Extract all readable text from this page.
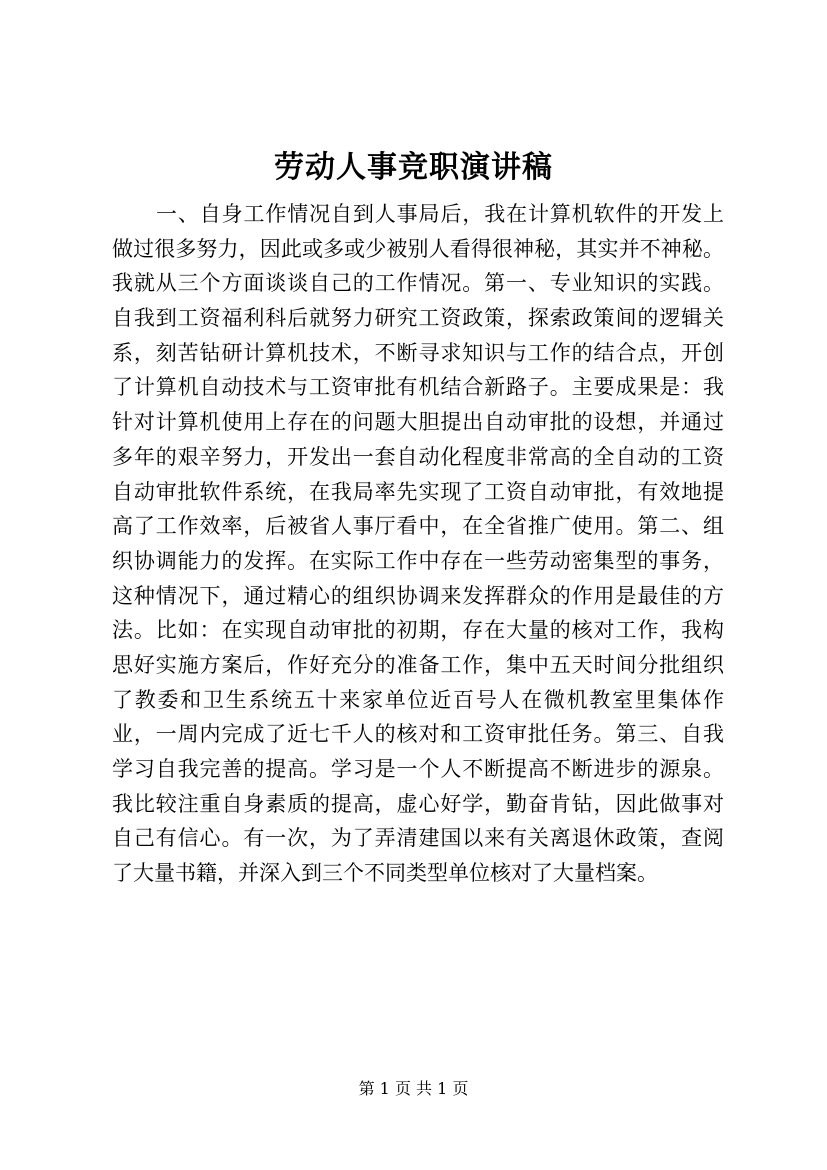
劳动人事竞职演讲稿
一、自身工作情况自到人事局后，我在计算机软件的开发上
做过很多努力，因此或多或少被别人看得很神秘，其实并不神秘。
我就从三个方面谈谈自己的工作情况。第一、专业知识的实践。
自我到工资福利科后就努力研究工资政策，探索政策间的逻辑关
系，刻苦钻研计算机技术，不断寻求知识与工作的结合点，开创
了计算机自动技术与工资审批有机结合新路子。主要成果是：我
针对计算机使用上存在的问题大胆提出自动审批的设想，并通过
多年的艰辛努力，开发出一套自动化程度非常高的全自动的工资
自动审批软件系统，在我局率先实现了工资自动审批，有效地提
高了工作效率，后被省人事厅看中，在全省推广使用。第二、组
织协调能力的发挥。在实际工作中存在一些劳动密集型的事务，
这种情况下，通过精心的组织协调来发挥群众的作用是最佳的方
法。比如：在实现自动审批的初期，存在大量的核对工作，我构
思好实施方案后，作好充分的准备工作，集中五天时间分批组织
了教委和卫生系统五十来家单位近百号人在微机教室里集体作
业，一周内完成了近七千人的核对和工资审批任务。第三、自我
学习自我完善的提高。学习是一个人不断提高不断进步的源泉。
我比较注重自身素质的提高，虚心好学，勤奋肯钻，因此做事对
自己有信心。有一次，为了弄清建国以来有关离退休政策，查阅
了大量书籍，并深入到三个不同类型单位核对了大量档案。
第 1 页 共 1 页
